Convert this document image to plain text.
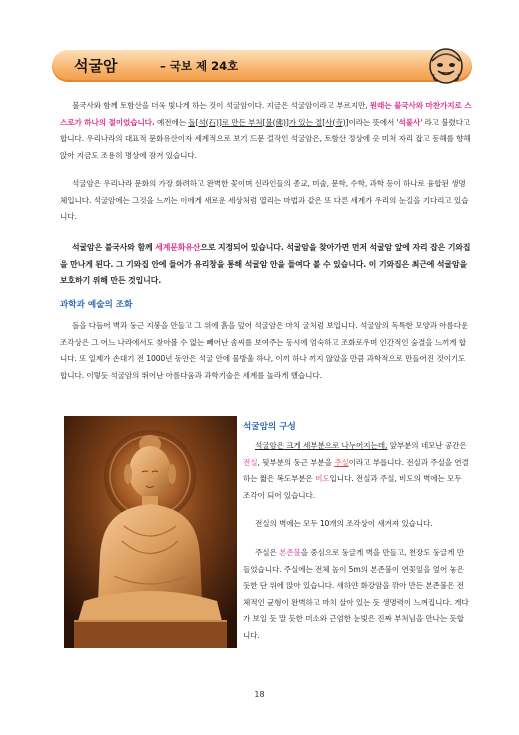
석굴암	– 국보 제 24호

불국사와 함께 토함산을 더욱 빛나게 하는 것이 석굴암이다. 지금은 석굴암이라고 부르지만, 원래는 불국사와 마찬가지로 스스로가 하나의 절이었습니다. 예전에는 돌[석(石)]로 만든 부처[불(佛)]가 있는 절[사(寺)]이라는 뜻에서 '석불사' 라고 불렸다고 합니다. 우리나라의 대표적 문화유산이자 세계적으로 보기 드문 걸작인 석굴암은, 토함산 정상에 옷 미쳐 자리 잡고 동해를 향해 앉아 지금도 조용히 명상에 잠겨 있습니다.

석굴암은 우리나라 문화의 가장 화려하고 완벽한 꽃이며 신라인들의 종교, 미술, 문학, 수학, 과학 등이 하나로 융합된 생명체입니다. 석굴암에는 그것을 느끼는 이에게 새로운 세상처럼 열리는 마법과 같은 또 다른 세계가 우리의 눈길을 기다리고 있습니다.

석굴암은 불국사와 함께 세계문화유산으로 지정되어 있습니다. 석굴암을 찾아가면 먼저 석굴암 앞에 자리 잡은 기와집을 만나게 된다. 그 기와집 안에 들어가 유리창을 통해 석굴암 안을 들여다 볼 수 있습니다. 이 기와집은 최근에 석굴암을 보호하기 위해 만든 것입니다.

과학과 예술의 조화

돌을 다듬어 벽과 둥근 지붕을 만들고 그 위에 흙을 덮어 석굴암은 마치 굴처럼 보입니다. 석굴암의 독특한 모양과 아름다운 조각상은 그 어느 나라에서도 찾아볼 수 없는 빼어난 솜씨를 보여주는 동시에 엄숙하고 조화로우며 인간적인 숨결을 느끼게 합니다. 또 일제가 손대기 전 1000년 동안은 석굴 안에 물방울 하나, 이끼 하나 끼지 않았을 만큼 과학적으로 만들어진 것이기도 합니다. 이렇듯 석굴암의 뛰어난 아름다움과 과학기술은 세계를 놀라게 했습니다.

석굴암의 구성

석굴암은 크게 세부분으로 나누어지는데, 앞부분의 네모난 공간은 전실, 뒷부분의 둥근 부분을 주실이라고 부릅니다. 전실과 주실을 연결하는 짧은 복도부분은 비도입니다. 전실과 주실, 비도의 벽에는 모두 조각이 되어 있습니다.

전실의 벽에는 모두 10개의 조각상이 새겨져 있습니다.

주실은 본존불을 중심으로 둥글게 벽을 만들고, 천장도 둥글게 만들었습니다. 주실에는 전체 높이 5m의 본존불이 연꽃잎을 엎어 놓은 듯한 단 위에 앉아 있습니다. 새하얀 화강암을 깎아 만든 본존불은 전체적인 균형이 완벽하고 마치 살아 있는 듯 생명력이 느껴집니다. 게다가 보일 듯 말 듯한 미소와 근엄한 눈빛은 진짜 부처님을 만나는 듯합니다.

18
